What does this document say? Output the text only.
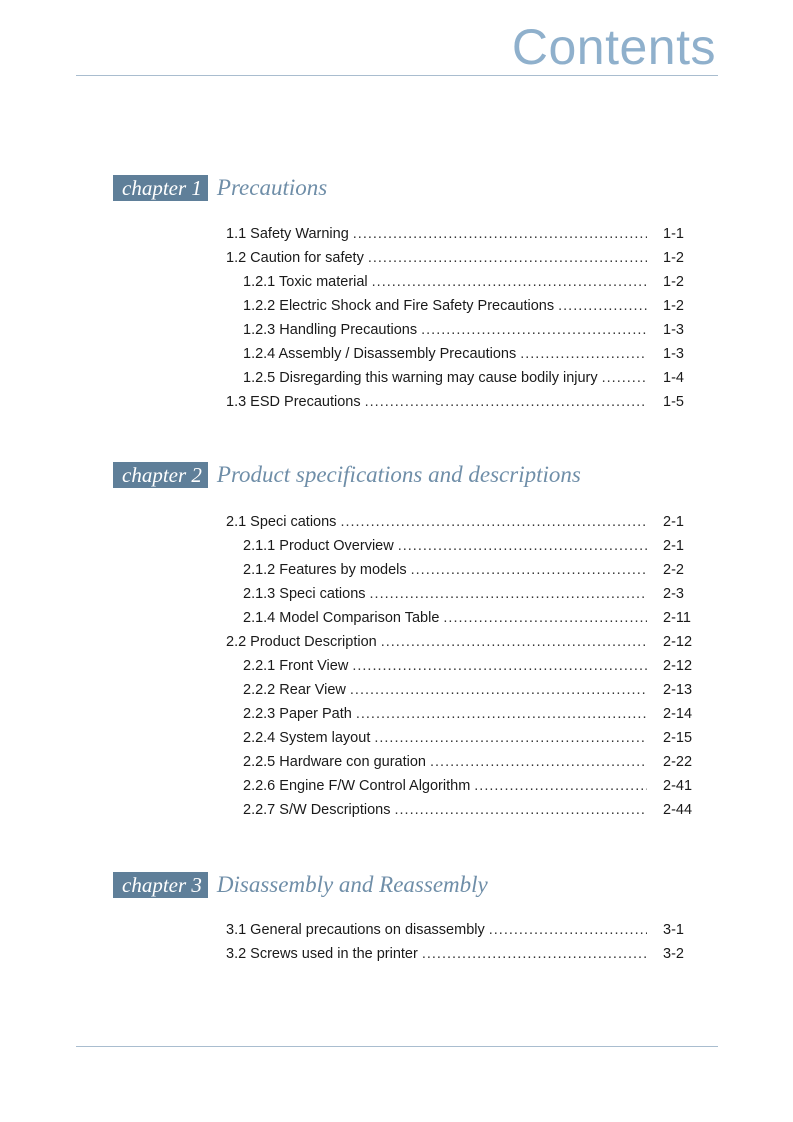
Contents
chapter 1 Precautions
1.1 Safety Warning .....	1-1
1.2 Caution for safety .....	1-2
1.2.1 Toxic material .....	1-2
1.2.2 Electric Shock and Fire Safety Precautions .....	1-2
1.2.3 Handling Precautions .....	1-3
1.2.4 Assembly / Disassembly Precautions .....	1-3
1.2.5 Disregarding this warning may cause bodily injury .....	1-4
1.3 ESD Precautions .....	1-5
chapter 2 Product specifications and descriptions
2.1 Speci cations .....	2-1
2.1.1 Product Overview .....	2-1
2.1.2 Features by models .....	2-2
2.1.3 Speci cations .....	2-3
2.1.4 Model Comparison Table .....	2-11
2.2 Product Description .....	2-12
2.2.1 Front View .....	2-12
2.2.2 Rear View .....	2-13
2.2.3 Paper Path .....	2-14
2.2.4 System layout .....	2-15
2.2.5 Hardware con guration .....	2-22
2.2.6 Engine F/W Control Algorithm .....	2-41
2.2.7 S/W Descriptions .....	2-44
chapter 3 Disassembly and Reassembly
3.1 General precautions on disassembly .....	3-1
3.2 Screws used in the printer .....	3-2
